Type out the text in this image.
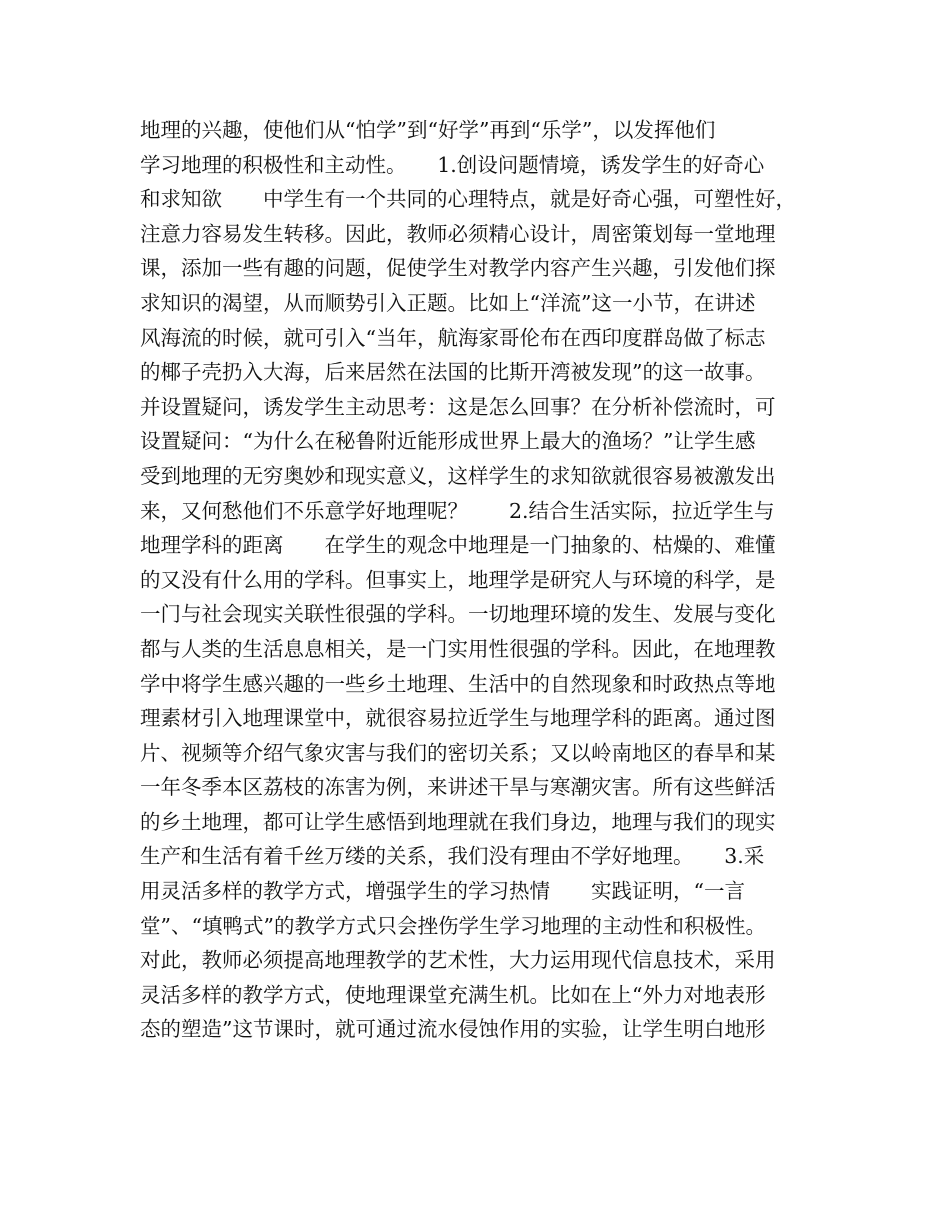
地理的兴趣，使他们从“怕学”到“好学”再到“乐学”，以发挥他们
学习地理的积极性和主动性。　　1.创设问题情境，诱发学生的好奇心
和求知欲　　中学生有一个共同的心理特点，就是好奇心强，可塑性好，
注意力容易发生转移。因此，教师必须精心设计，周密策划每一堂地理
课，添加一些有趣的问题，促使学生对教学内容产生兴趣，引发他们探
求知识的渴望，从而顺势引入正题。比如上“洋流”这一小节，在讲述
风海流的时候，就可引入“当年，航海家哥伦布在西印度群岛做了标志
的椰子壳扔入大海，后来居然在法国的比斯开湾被发现”的这一故事。
并设置疑问，诱发学生主动思考：这是怎么回事？在分析补偿流时，可
设置疑问：“为什么在秘鲁附近能形成世界上最大的渔场？”让学生感
受到地理的无穷奥妙和现实意义，这样学生的求知欲就很容易被激发出
来，又何愁他们不乐意学好地理呢？　　2.结合生活实际，拉近学生与
地理学科的距离　　在学生的观念中地理是一门抽象的、枯燥的、难懂
的又没有什么用的学科。但事实上，地理学是研究人与环境的科学，是
一门与社会现实关联性很强的学科。一切地理环境的发生、发展与变化
都与人类的生活息息相关，是一门实用性很强的学科。因此，在地理教
学中将学生感兴趣的一些乡土地理、生活中的自然现象和时政热点等地
理素材引入地理课堂中，就很容易拉近学生与地理学科的距离。通过图
片、视频等介绍气象灾害与我们的密切关系；又以岭南地区的春旱和某
一年冬季本区荔枝的冻害为例，来讲述干旱与寒潮灾害。所有这些鲜活
的乡土地理，都可让学生感悟到地理就在我们身边，地理与我们的现实
生产和生活有着千丝万缕的关系，我们没有理由不学好地理。　　3.采
用灵活多样的教学方式，增强学生的学习热情　　实践证明，“一言
堂”、“填鸭式”的教学方式只会挫伤学生学习地理的主动性和积极性。
对此，教师必须提高地理教学的艺术性，大力运用现代信息技术，采用
灵活多样的教学方式，使地理课堂充满生机。比如在上“外力对地表形
态的塑造”这节课时，就可通过流水侵蚀作用的实验，让学生明白地形
